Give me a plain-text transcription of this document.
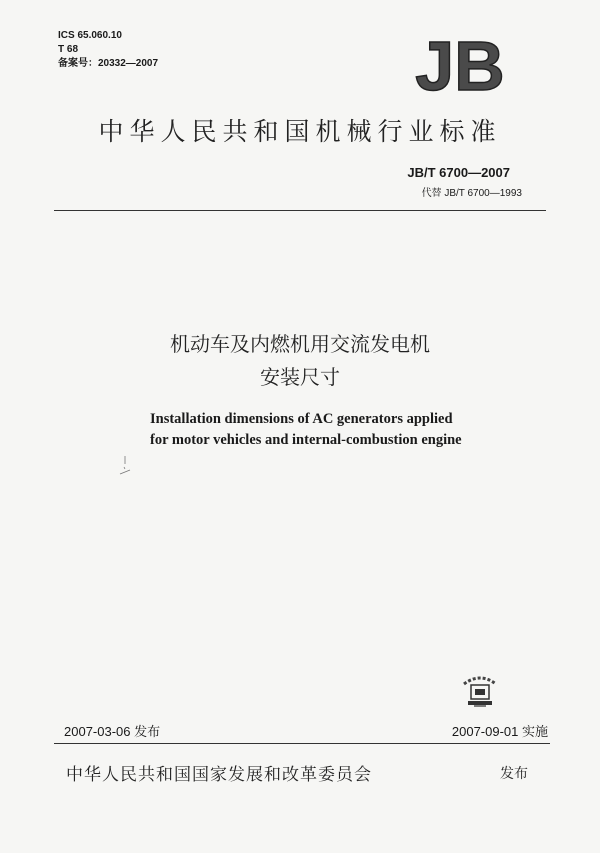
ICS 65.060.10
T 68
备案号：20332—2007	JB
中华人民共和国机械行业标准
JB/T 6700—2007
代替 JB/T 6700—1993
机动车及内燃机用交流发电机
安装尺寸
Installation dimensions of AC generators applied
for motor vehicles and internal-combustion engine
2007-03-06 发布	2007-09-01 实施
中华人民共和国国家发展和改革委员会	发布
